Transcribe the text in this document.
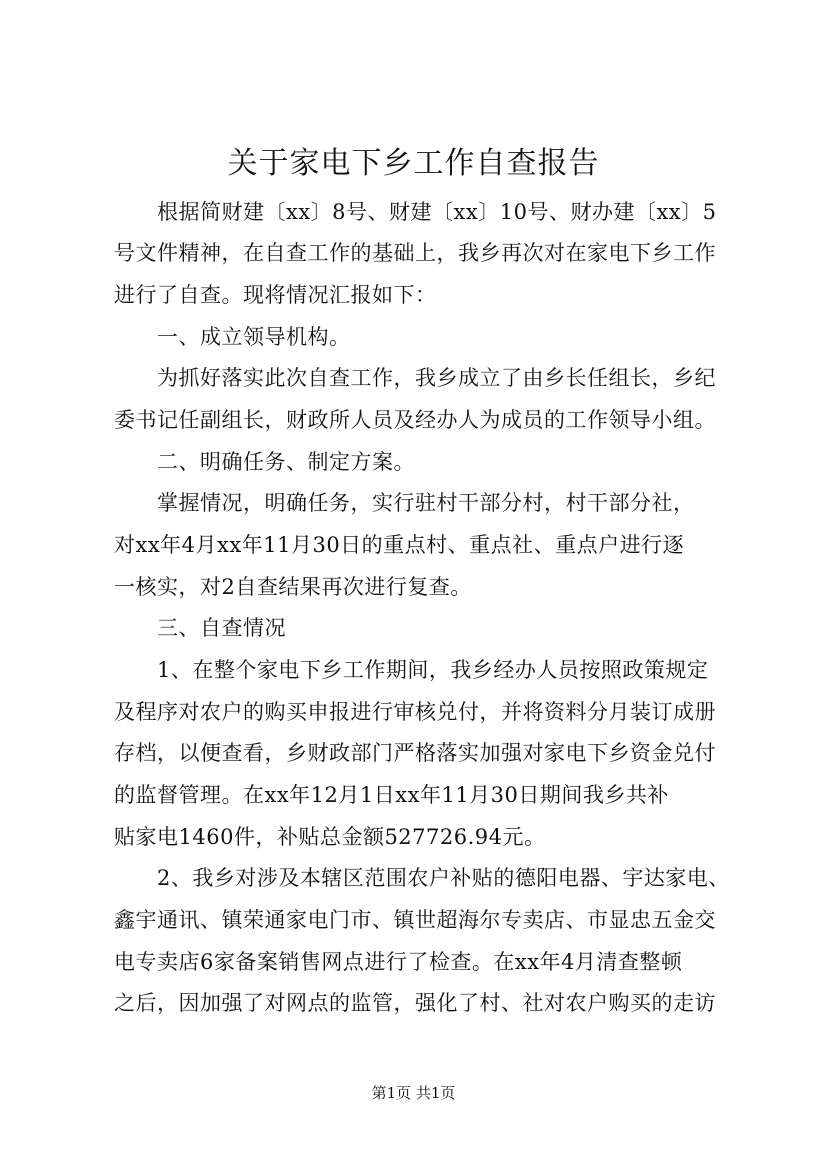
关于家电下乡工作自查报告
根据简财建〔xx〕8号、财建〔xx〕10号、财办建〔xx〕5
号文件精神，在自查工作的基础上，我乡再次对在家电下乡工作
进行了自查。现将情况汇报如下：
一、成立领导机构。
为抓好落实此次自查工作，我乡成立了由乡长任组长，乡纪
委书记任副组长，财政所人员及经办人为成员的工作领导小组。
二、明确任务、制定方案。
掌握情况，明确任务，实行驻村干部分村，村干部分社，
对xx年4月xx年11月30日的重点村、重点社、重点户进行逐
一核实，对2自查结果再次进行复查。
三、自查情况
1、在整个家电下乡工作期间，我乡经办人员按照政策规定
及程序对农户的购买申报进行审核兑付，并将资料分月装订成册
存档，以便查看，乡财政部门严格落实加强对家电下乡资金兑付
的监督管理。在xx年12月1日xx年11月30日期间我乡共补
贴家电1460件，补贴总金额527726.94元。
2、我乡对涉及本辖区范围农户补贴的德阳电器、宇达家电、
鑫宇通讯、镇荣通家电门市、镇世超海尔专卖店、市显忠五金交
电专卖店6家备案销售网点进行了检查。在xx年4月清查整顿
之后，因加强了对网点的监管，强化了村、社对农户购买的走访
第1页 共1页
